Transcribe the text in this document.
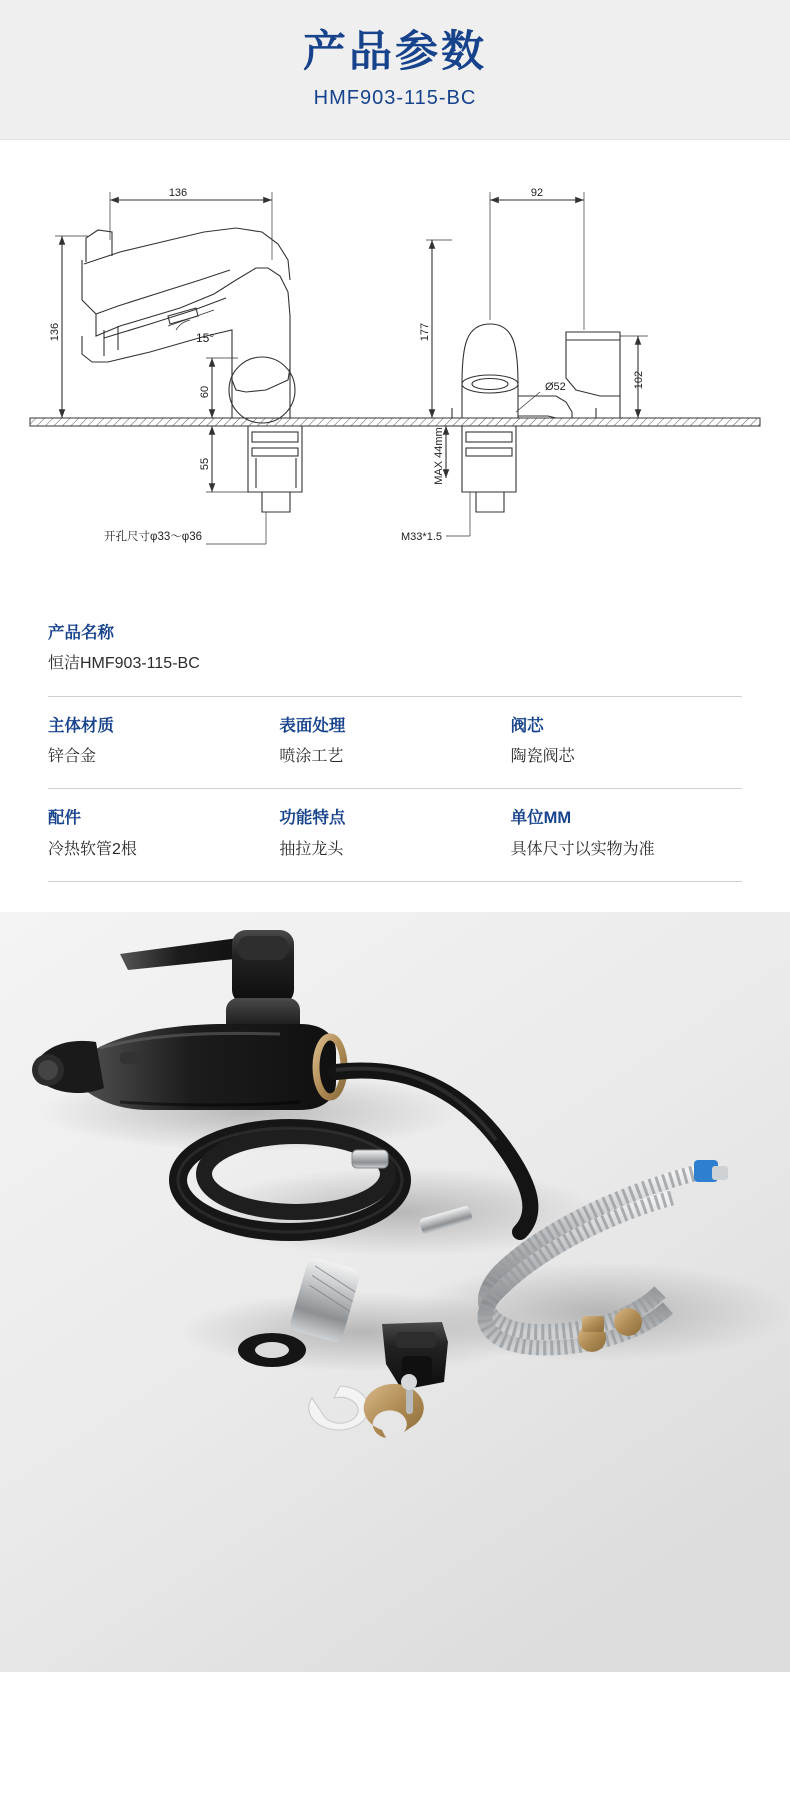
产品参数
HMF903-115-BC
136
136
60
55
15°
开孔尺寸φ33～φ36
92
177
102
Ø52
MAX 44mm
M33*1.5
产品名称
恒洁HMF903-115-BC
主体材质
锌合金
表面处理
喷涂工艺
阀芯
陶瓷阀芯
配件
冷热软管2根
功能特点
抽拉龙头
单位MM
具体尺寸以实物为准
